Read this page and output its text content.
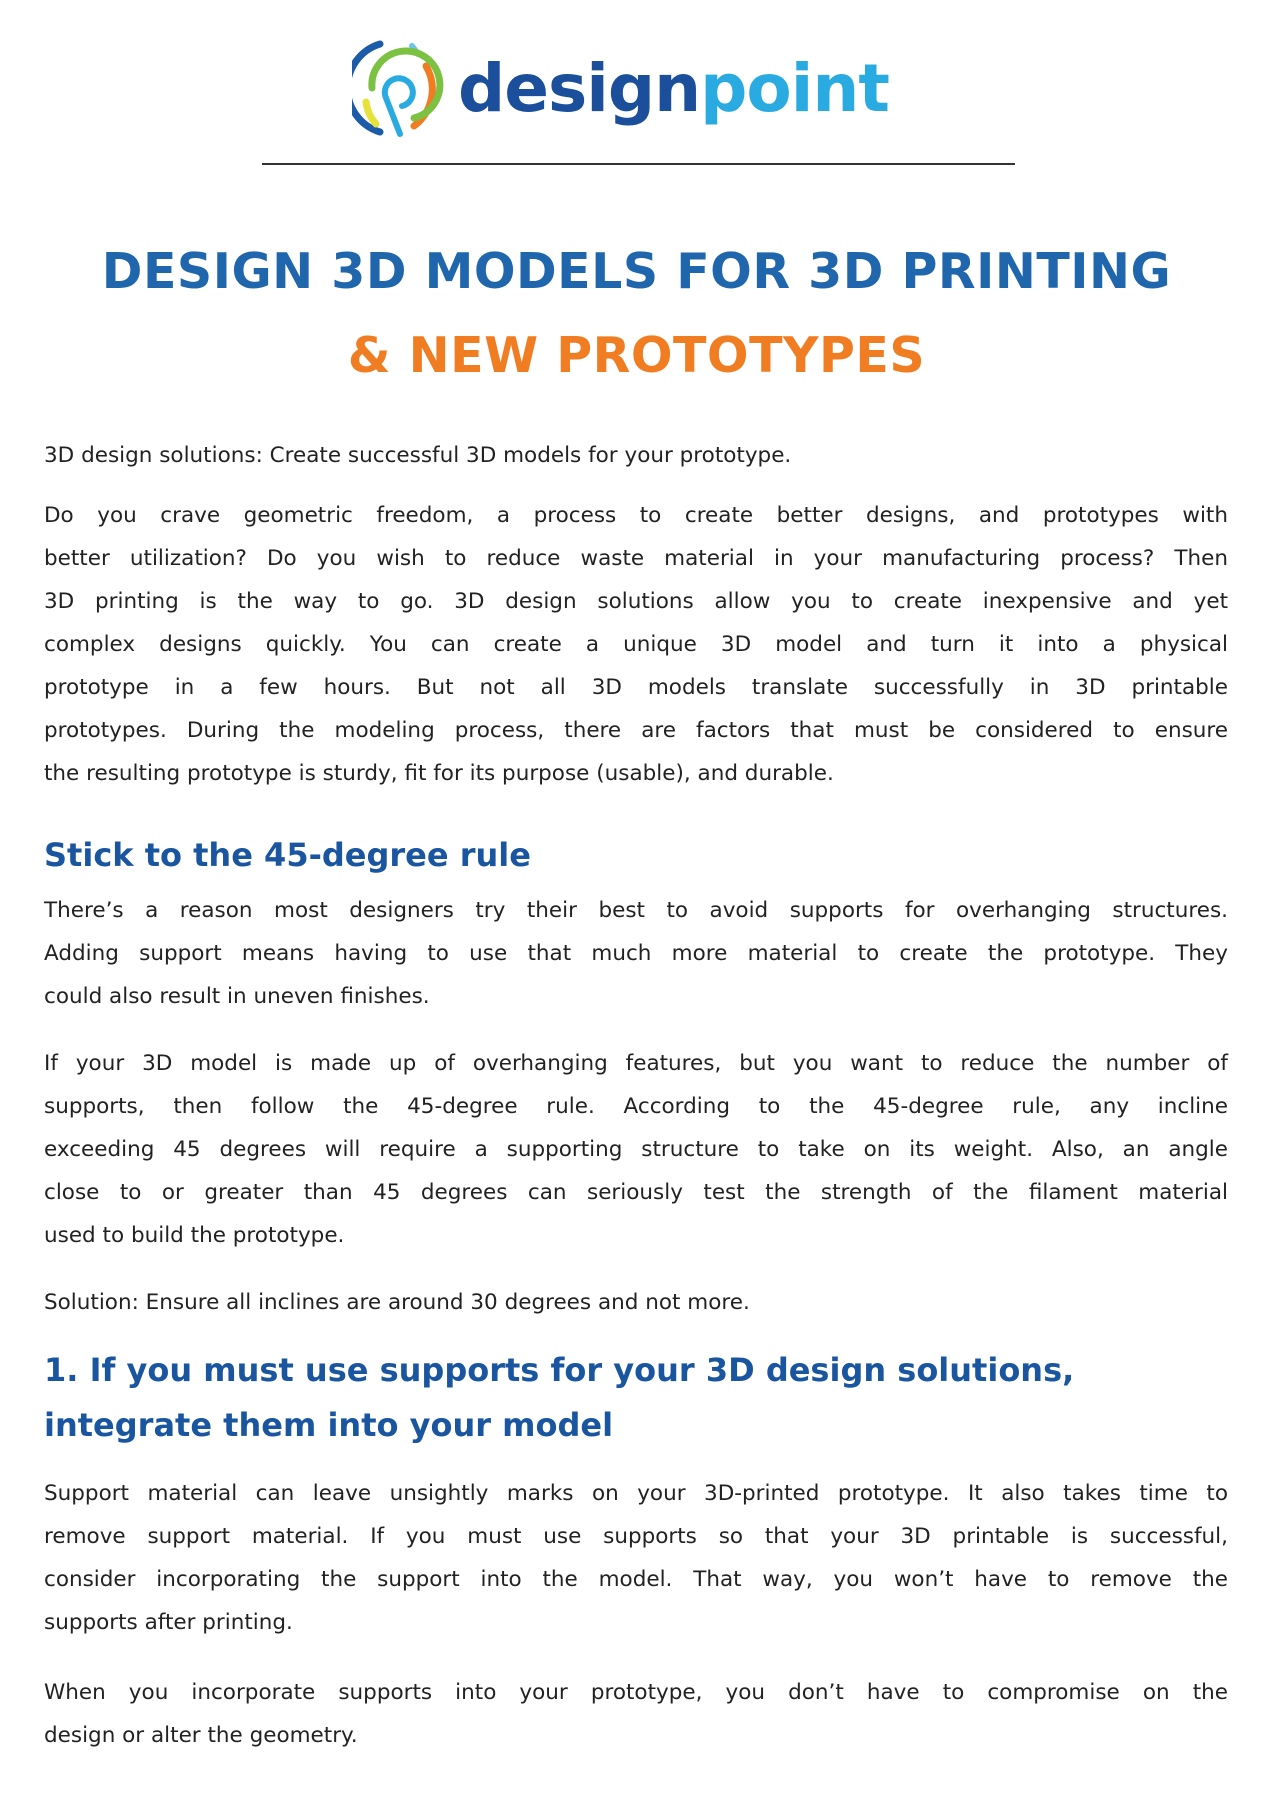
designpoint
DESIGN 3D MODELS FOR 3D PRINTING
& NEW PROTOTYPES
3D design solutions: Create successful 3D models for your prototype.
Do you crave geometric freedom, a process to create better designs, and prototypes with
better utilization? Do you wish to reduce waste material in your manufacturing process? Then
3D printing is the way to go. 3D design solutions allow you to create inexpensive and yet
complex designs quickly. You can create a unique 3D model and turn it into a physical
prototype in a few hours. But not all 3D models translate successfully in 3D printable
prototypes. During the modeling process, there are factors that must be considered to ensure
the resulting prototype is sturdy, fit for its purpose (usable), and durable.
Stick to the 45-degree rule
There’s a reason most designers try their best to avoid supports for overhanging structures.
Adding support means having to use that much more material to create the prototype. They
could also result in uneven finishes.
If your 3D model is made up of overhanging features, but you want to reduce the number of
supports, then follow the 45-degree rule. According to the 45-degree rule, any incline
exceeding 45 degrees will require a supporting structure to take on its weight. Also, an angle
close to or greater than 45 degrees can seriously test the strength of the filament material
used to build the prototype.
Solution: Ensure all inclines are around 30 degrees and not more.
1. If you must use supports for your 3D design solutions,
integrate them into your model
Support material can leave unsightly marks on your 3D-printed prototype. It also takes time to
remove support material. If you must use supports so that your 3D printable is successful,
consider incorporating the support into the model. That way, you won’t have to remove the
supports after printing.
When you incorporate supports into your prototype, you don’t have to compromise on the
design or alter the geometry.
